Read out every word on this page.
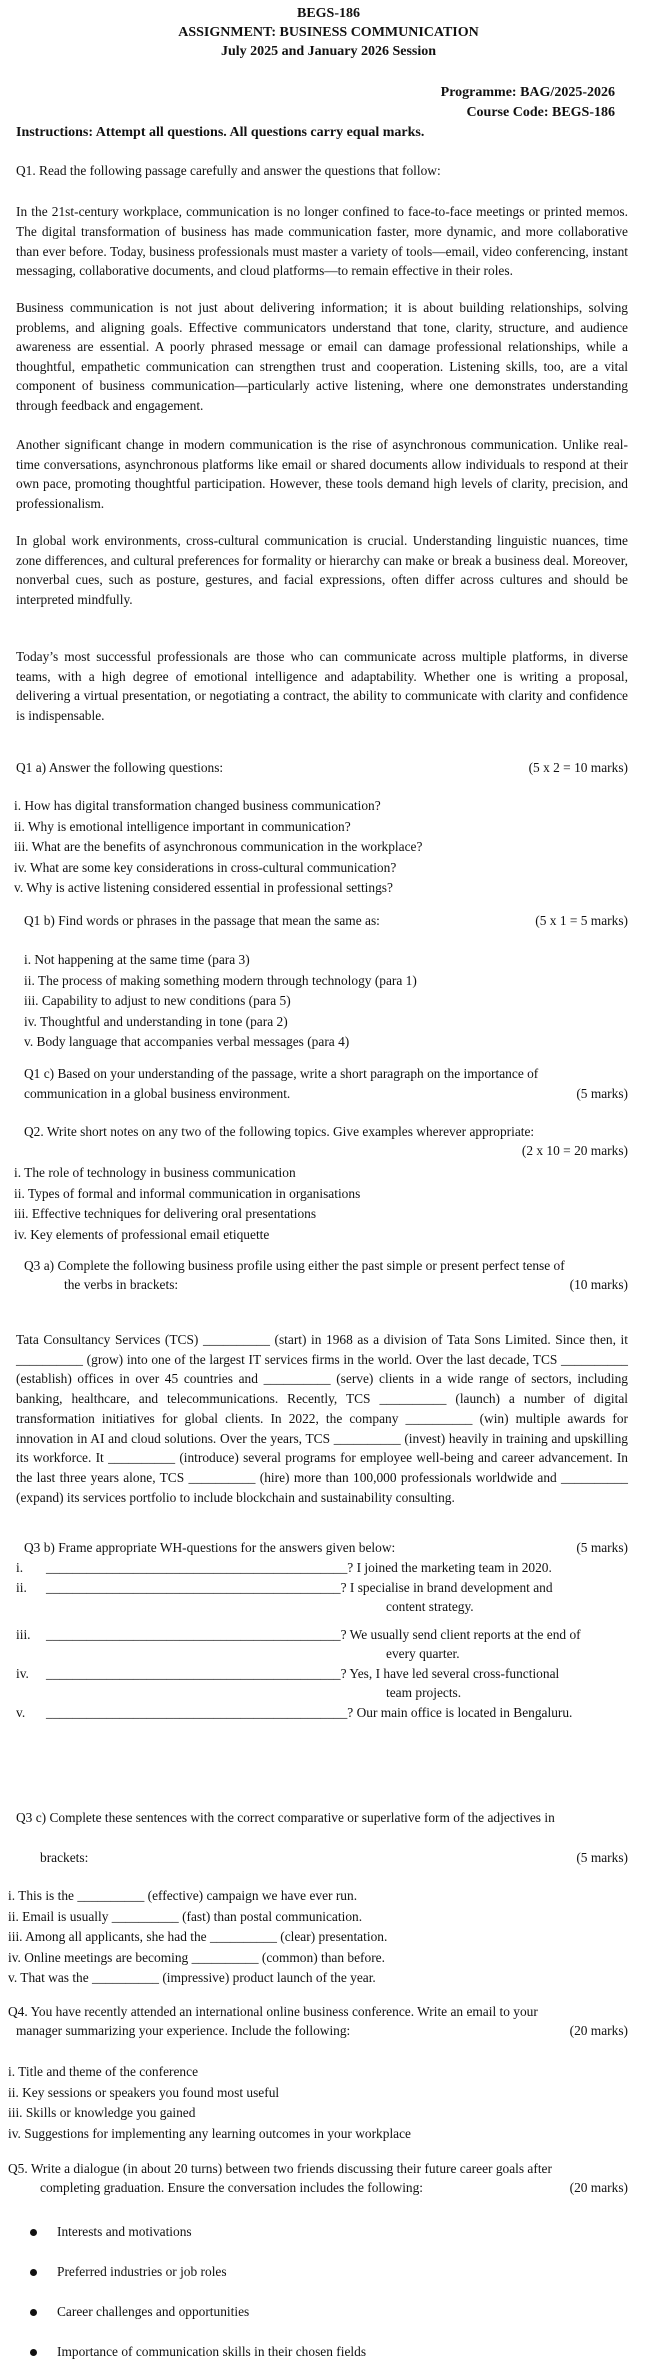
BEGS-186
ASSIGNMENT: BUSINESS COMMUNICATION
July 2025 and January 2026 Session
Programme: BAG/2025-2026
Course Code: BEGS-186
Instructions: Attempt all questions. All questions carry equal marks.
Q1. Read the following passage carefully and answer the questions that follow:
In the 21st-century workplace, communication is no longer confined to face-to-face meetings or printed memos. The digital transformation of business has made communication faster, more dynamic, and more collaborative than ever before. Today, business professionals must master a variety of tools—email, video conferencing, instant messaging, collaborative documents, and cloud platforms—to remain effective in their roles.
Business communication is not just about delivering information; it is about building relationships, solving problems, and aligning goals. Effective communicators understand that tone, clarity, structure, and audience awareness are essential. A poorly phrased message or email can damage professional relationships, while a thoughtful, empathetic communication can strengthen trust and cooperation. Listening skills, too, are a vital component of business communication—particularly active listening, where one demonstrates understanding through feedback and engagement.
Another significant change in modern communication is the rise of asynchronous communication. Unlike real-time conversations, asynchronous platforms like email or shared documents allow individuals to respond at their own pace, promoting thoughtful participation. However, these tools demand high levels of clarity, precision, and professionalism.
In global work environments, cross-cultural communication is crucial. Understanding linguistic nuances, time zone differences, and cultural preferences for formality or hierarchy can make or break a business deal. Moreover, nonverbal cues, such as posture, gestures, and facial expressions, often differ across cultures and should be interpreted mindfully.
Today’s most successful professionals are those who can communicate across multiple platforms, in diverse teams, with a high degree of emotional intelligence and adaptability. Whether one is writing a proposal, delivering a virtual presentation, or negotiating a contract, the ability to communicate with clarity and confidence is indispensable.
Q1 a) Answer the following questions:	(5 x 2 = 10 marks)
i. How has digital transformation changed business communication?
ii. Why is emotional intelligence important in communication?
iii. What are the benefits of asynchronous communication in the workplace?
iv. What are some key considerations in cross-cultural communication?
v. Why is active listening considered essential in professional settings?
Q1 b) Find words or phrases in the passage that mean the same as:	(5 x 1 = 5 marks)
i. Not happening at the same time (para 3)
ii. The process of making something modern through technology (para 1)
iii. Capability to adjust to new conditions (para 5)
iv. Thoughtful and understanding in tone (para 2)
v. Body language that accompanies verbal messages (para 4)
Q1 c) Based on your understanding of the passage, write a short paragraph on the importance of
communication in a global business environment.	(5 marks)
Q2. Write short notes on any two of the following topics. Give examples wherever appropriate:
(2 x 10 = 20 marks)
i. The role of technology in business communication
ii. Types of formal and informal communication in organisations
iii. Effective techniques for delivering oral presentations
iv. Key elements of professional email etiquette
Q3 a) Complete the following business profile using either the past simple or present perfect tense of
the verbs in brackets:	(10 marks)
Tata Consultancy Services (TCS) __________ (start) in 1968 as a division of Tata Sons Limited. Since then, it __________ (grow) into one of the largest IT services firms in the world. Over the last decade, TCS __________ (establish) offices in over 45 countries and __________ (serve) clients in a wide range of sectors, including banking, healthcare, and telecommunications. Recently, TCS __________ (launch) a number of digital transformation initiatives for global clients. In 2022, the company __________ (win) multiple awards for innovation in AI and cloud solutions. Over the years, TCS __________ (invest) heavily in training and upskilling its workforce. It __________ (introduce) several programs for employee well-being and career advancement. In the last three years alone, TCS __________ (hire) more than 100,000 professionals worldwide and __________ (expand) its services portfolio to include blockchain and sustainability consulting.
Q3 b) Frame appropriate WH-questions for the answers given below:	(5 marks)
i.	_____________________________________________ ? I joined the marketing team in 2020.
ii.	____________________________________________ ? I specialise in brand development and
content strategy.
iii.	____________________________________________ ? We usually send client reports at the end of
every quarter.
iv.	____________________________________________ ? Yes, I have led several cross-functional
team projects.
v.	_____________________________________________ ? Our main office is located in Bengaluru.
Q3 c) Complete these sentences with the correct comparative or superlative form of the adjectives in
brackets:	(5 marks)
i. This is the __________ (effective) campaign we have ever run.
ii. Email is usually __________ (fast) than postal communication.
iii. Among all applicants, she had the __________ (clear) presentation.
iv. Online meetings are becoming __________ (common) than before.
v. That was the __________ (impressive) product launch of the year.
Q4. You have recently attended an international online business conference. Write an email to your
manager summarizing your experience. Include the following:	(20 marks)
i. Title and theme of the conference
ii. Key sessions or speakers you found most useful
iii. Skills or knowledge you gained
iv. Suggestions for implementing any learning outcomes in your workplace
Q5. Write a dialogue (in about 20 turns) between two friends discussing their future career goals after
completing graduation. Ensure the conversation includes the following:	(20 marks)
Interests and motivations
Preferred industries or job roles
Career challenges and opportunities
Importance of communication skills in their chosen fields
